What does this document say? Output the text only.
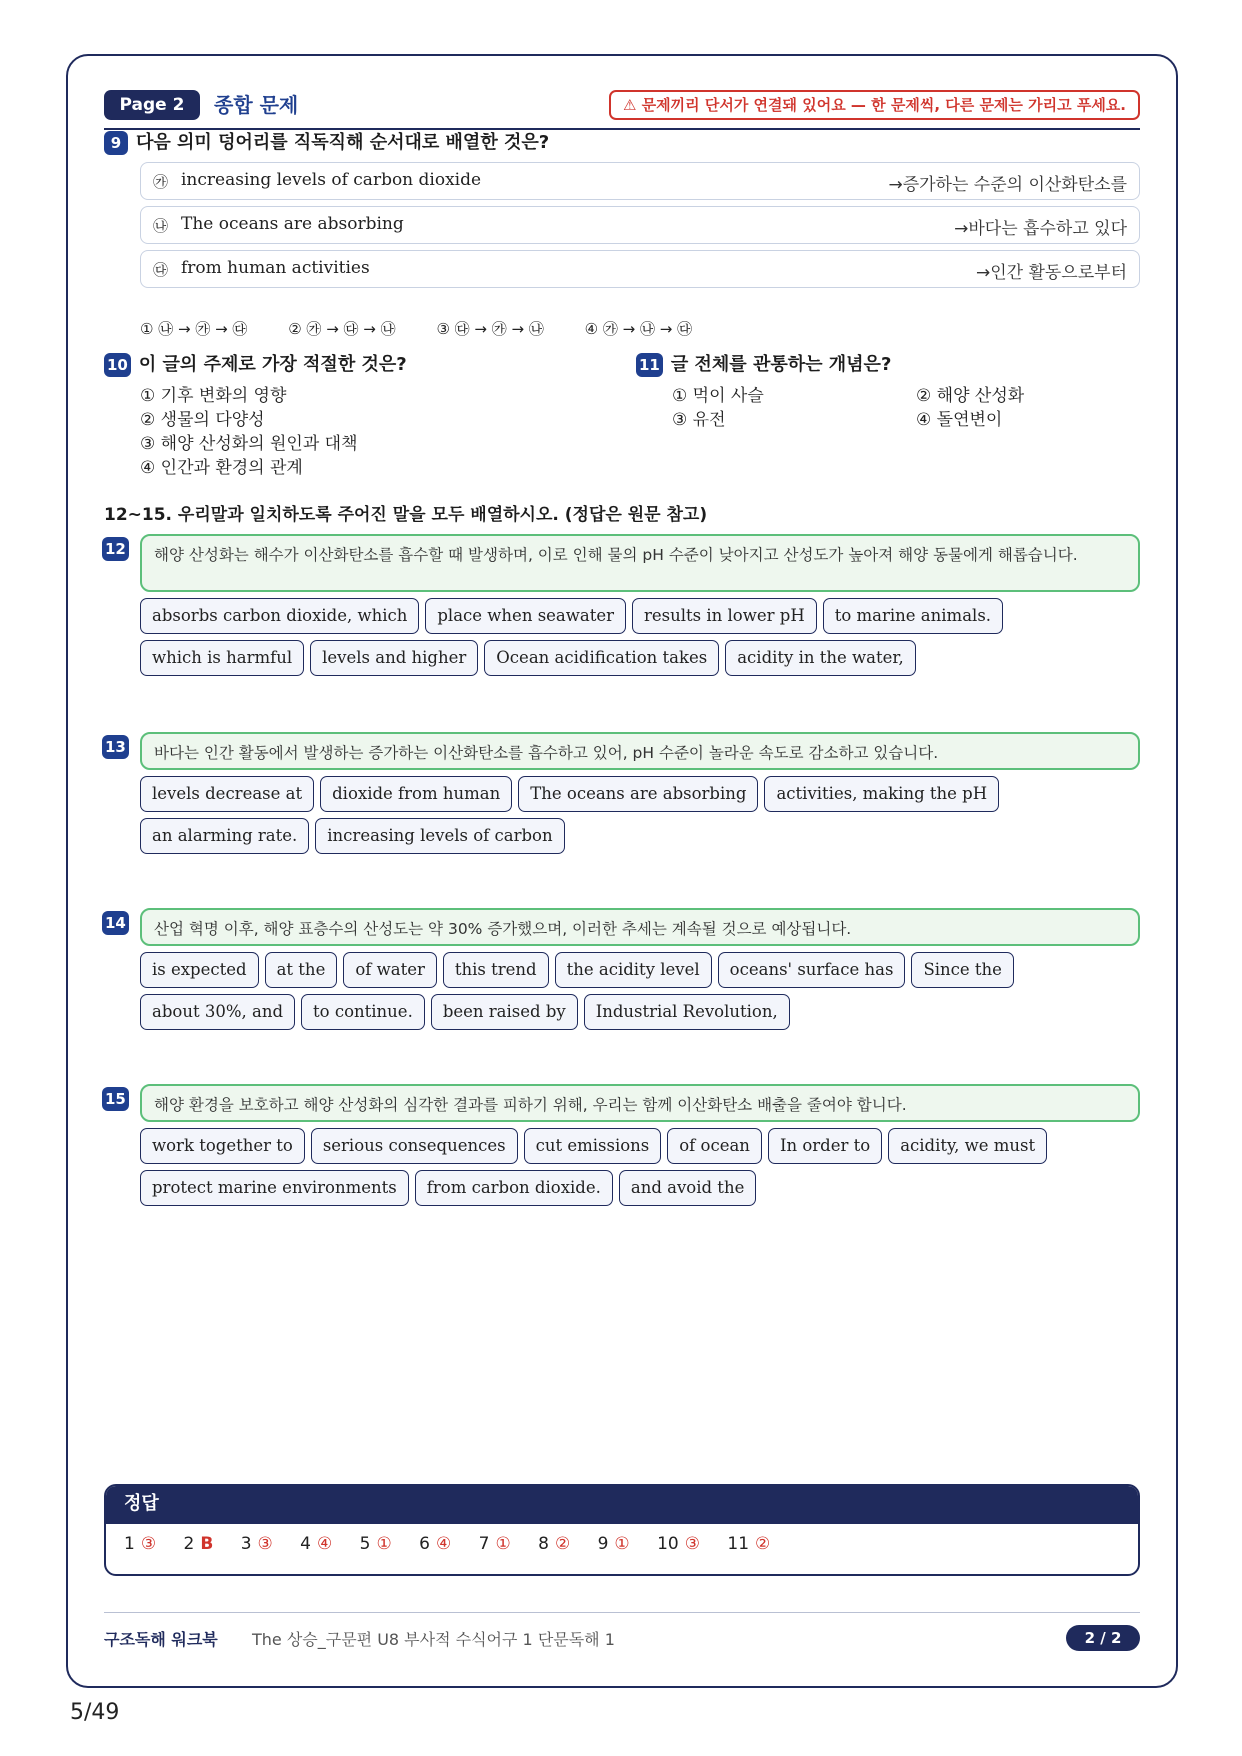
Page 2	종합 문제	⚠ 문제끼리 단서가 연결돼 있어요 — 한 문제씩, 다른 문제는 가리고 푸세요.
9 다음 의미 덩어리를 직독직해 순서대로 배열한 것은?
㉮ increasing levels of carbon dioxide	→증가하는 수준의 이산화탄소를
㉯ The oceans are absorbing	→바다는 흡수하고 있다
㉰ from human activities	→인간 활동으로부터
① ㉯ → ㉮ → ㉰	② ㉮ → ㉰ → ㉯	③ ㉰ → ㉮ → ㉯	④ ㉮ → ㉯ → ㉰
10 이 글의 주제로 가장 적절한 것은?
① 기후 변화의 영향
② 생물의 다양성
③ 해양 산성화의 원인과 대책
④ 인간과 환경의 관계
11 글 전체를 관통하는 개념은?
① 먹이 사슬
③ 유전
② 해양 산성화
④ 돌연변이
12~15. 우리말과 일치하도록 주어진 말을 모두 배열하시오. (정답은 원문 참고)
12	해양 산성화는 해수가 이산화탄소를 흡수할 때 발생하며, 이로 인해 물의 pH 수준이 낮아지고 산성도가 높아져 해양 동물에게 해롭습니다.
absorbs carbon dioxide, which place when seawater results in lower pH to marine animals.which is harmful levels and higher Ocean acidification takes acidity in the water,
13	바다는 인간 활동에서 발생하는 증가하는 이산화탄소를 흡수하고 있어, pH 수준이 놀라운 속도로 감소하고 있습니다.
levels decrease at dioxide from human The oceans are absorbing activities, making the pHan alarming rate. increasing levels of carbon
14	산업 혁명 이후, 해양 표층수의 산성도는 약 30% 증가했으며, 이러한 추세는 계속될 것으로 예상됩니다.
is expected at the of water this trend the acidity level oceans' surface has Since theabout 30%, and to continue. been raised by Industrial Revolution,
15	해양 환경을 보호하고 해양 산성화의 심각한 결과를 피하기 위해, 우리는 함께 이산화탄소 배출을 줄여야 합니다.
work together to serious consequences cut emissions of ocean In order to acidity, we mustprotect marine environments from carbon dioxide. and avoid the
정답
1 ③ 2 B 3 ③ 4 ④ 5 ① 6 ④ 7 ① 8 ② 9 ① 10 ③ 11 ②
구조독해 워크북 The 상승_구문편 U8 부사적 수식어구 1 단문독해 1	2 / 2
5/49
